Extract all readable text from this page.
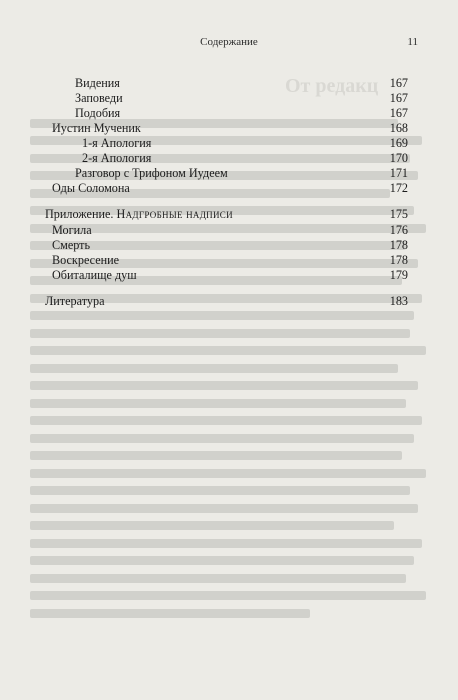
От редакц
Содержание	11
Видения	167
Заповеди	167
Подобия	167
Иустин Мученик	168
1-я Апология	169
2-я Апология	170
Разговор с Трифоном Иудеем	171
Оды Соломона	172
Приложение. Надгробные надписи	175
Могила	176
Смерть	178
Воскресение	178
Обиталище душ	179
Литература	183
